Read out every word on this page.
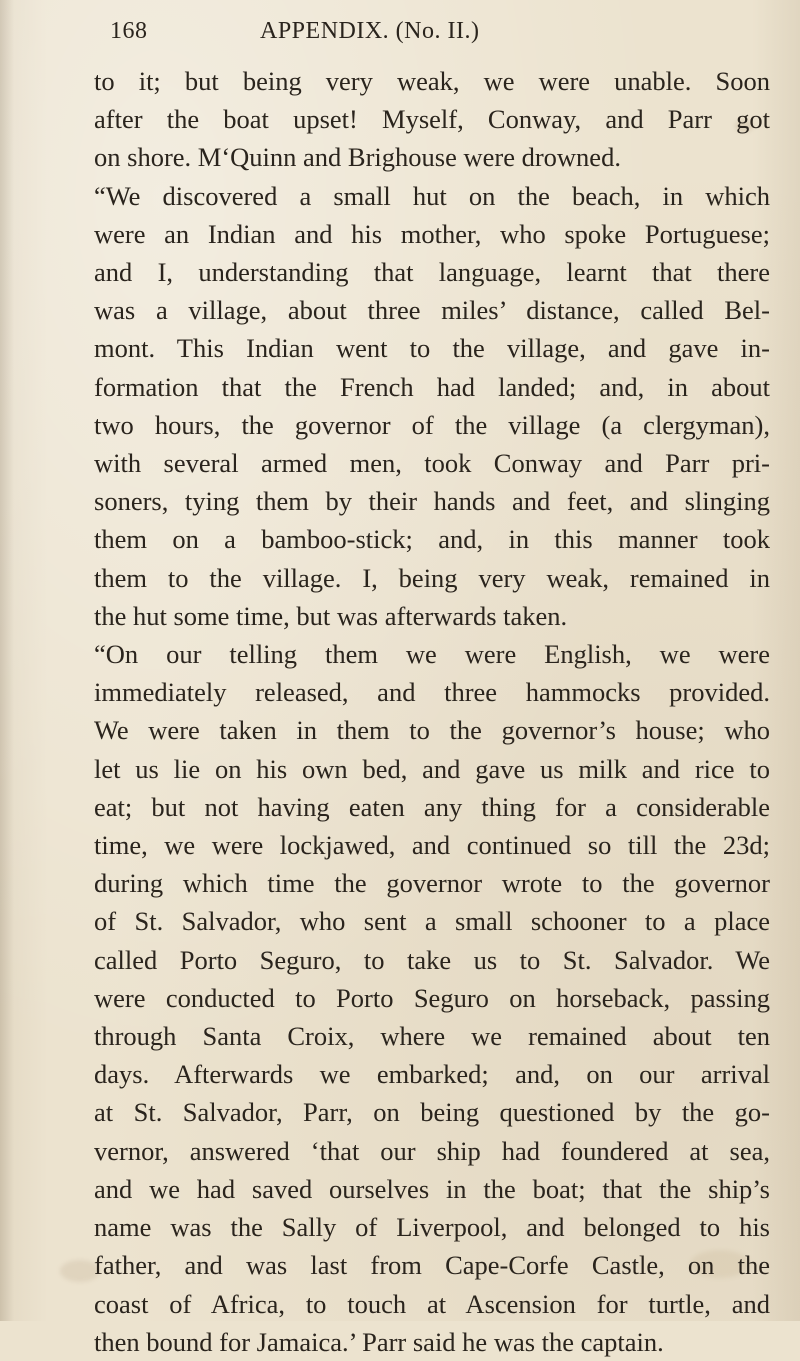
168	APPENDIX. (No. II.)
to it; but being very weak, we were unable. Soon
after the boat upset! Myself, Conway, and Parr got
on shore. M‘Quinn and Brighouse were drowned.
“We discovered a small hut on the beach, in which
were an Indian and his mother, who spoke Portuguese;
and I, understanding that language, learnt that there
was a village, about three miles’ distance, called Bel-
mont. This Indian went to the village, and gave in-
formation that the French had landed; and, in about
two hours, the governor of the village (a clergyman),
with several armed men, took Conway and Parr pri-
soners, tying them by their hands and feet, and slinging
them on a bamboo-stick; and, in this manner took
them to the village. I, being very weak, remained in
the hut some time, but was afterwards taken.
“On our telling them we were English, we were
immediately released, and three hammocks provided.
We were taken in them to the governor’s house; who
let us lie on his own bed, and gave us milk and rice to
eat; but not having eaten any thing for a considerable
time, we were lockjawed, and continued so till the 23d;
during which time the governor wrote to the governor
of St. Salvador, who sent a small schooner to a place
called Porto Seguro, to take us to St. Salvador. We
were conducted to Porto Seguro on horseback, passing
through Santa Croix, where we remained about ten
days. Afterwards we embarked; and, on our arrival
at St. Salvador, Parr, on being questioned by the go-
vernor, answered ‘that our ship had foundered at sea,
and we had saved ourselves in the boat; that the ship’s
name was the Sally of Liverpool, and belonged to his
father, and was last from Cape-Corfe Castle, on the
coast of Africa, to touch at Ascension for turtle, and
then bound for Jamaica.’ Parr said he was the captain.
